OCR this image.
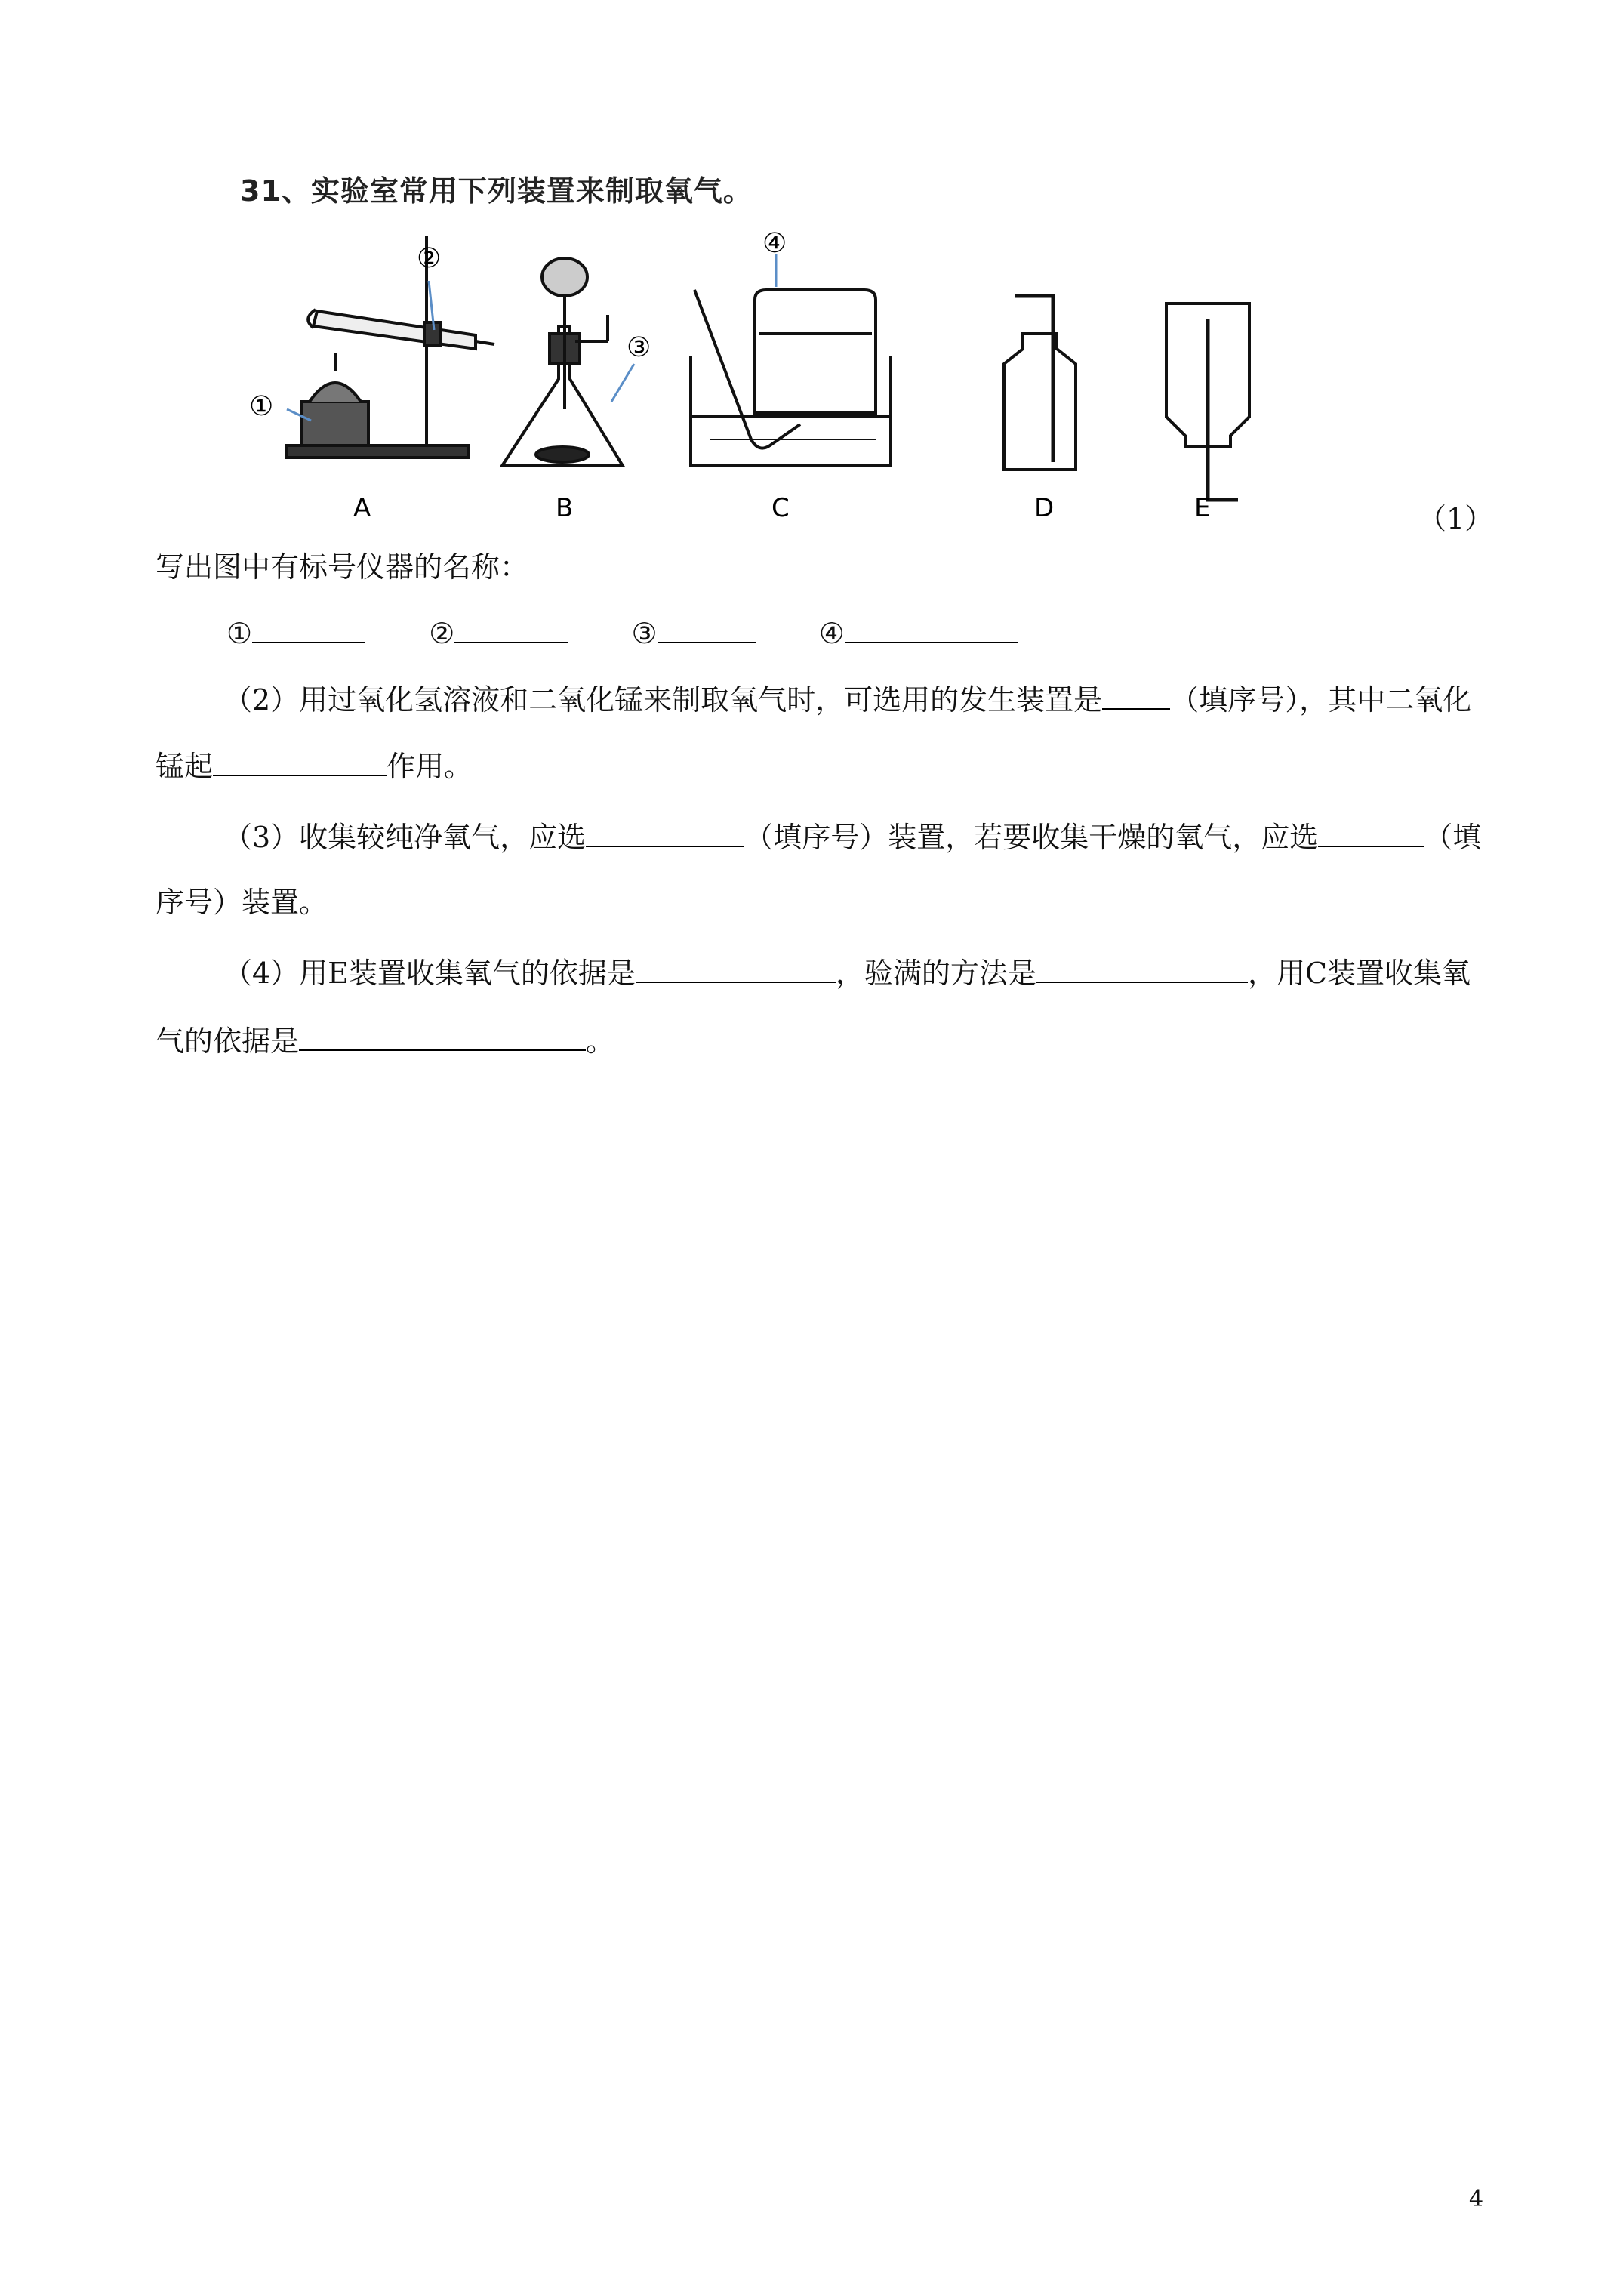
31、实验室常用下列装置来制取氧气。
①
②
③
④
A	B	C	D	E	（1）
写出图中有标号仪器的名称：
①	②	③	④
（2）用过氧化氢溶液和二氧化锰来制取氧气时，可选用的发生装置是 （填序号），其中二氧化
锰起	作用。
（3）收集较纯净氧气，应选	（填序号）装置，若要收集干燥的氧气，应选	（填
序号）装置。
（4）用E装置收集氧气的依据是	，验满的方法是	，用C装置收集氧
气的依据是	。
4
